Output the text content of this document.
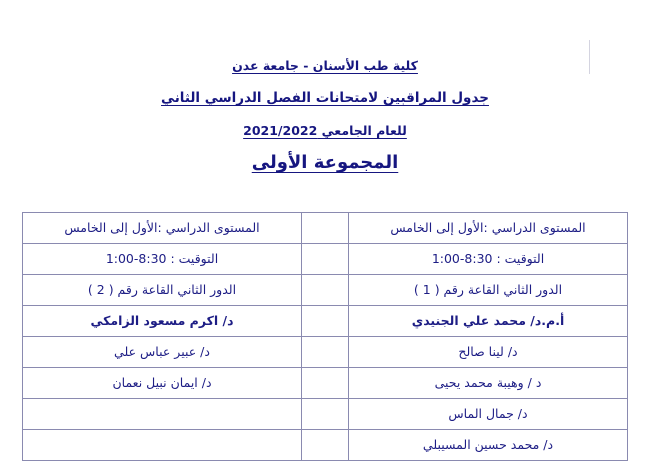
كلية طب الأسنان - جامعة عدن
جدول المراقبين لامتحانات الفصل الدراسي الثاني
للعام الجامعي 2021/2022
المجموعة الأولى
المستوى الدراسي :الأول إلى الخامس		المستوى الدراسي :الأول إلى الخامس
التوقيت : 8:30-1:00		التوقيت : 8:30-1:00
الدور الثاني القاعة رقم ( 1 )		الدور الثاني القاعة رقم ( 2 )
أ.م.د/ محمد علي الجنيدي		د/ اكرم مسعود الزامكي
د/ لينا صالح		د/ عبير عباس علي
د / وهيبة محمد يحيى		د/ ايمان نبيل نعمان
د/ جمال الماس		
د/ محمد حسين المسيبلي		
